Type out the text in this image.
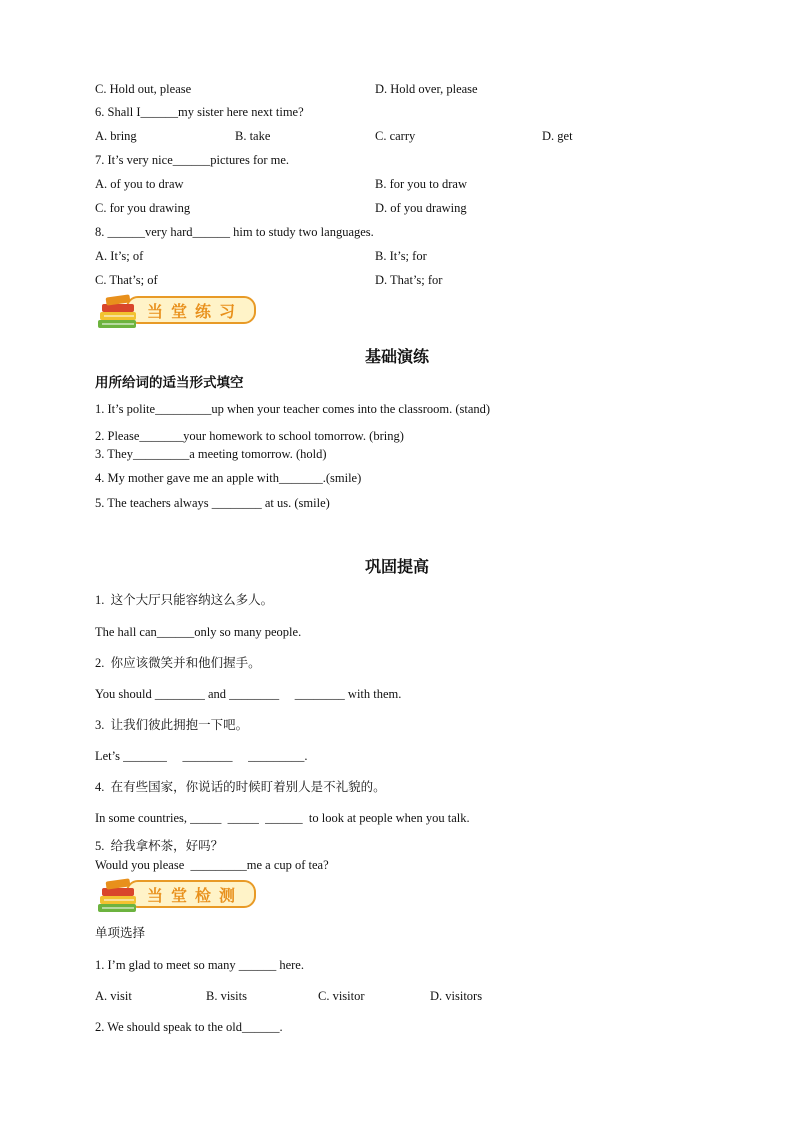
C. Hold out, please	D. Hold over, please
6. Shall I______my sister here next time?
A. bring	B. take	C. carry	D. get
7. It’s very nice______pictures for me.
A. of you to draw	B. for you to draw
C. for you drawing	D. of you drawing
8. ______very hard______ him to study two languages.
A. It’s; of	B. It’s; for
C. That’s; of	D. That’s; for
当堂练习
基础演练
用所给词的适当形式填空
1. It’s polite_________up when your teacher comes into the classroom. (stand)
2. Please_______your homework to school tomorrow. (bring)
3. They_________a meeting tomorrow. (hold)
4. My mother gave me an apple with_______.(smile)
5. The teachers always ________ at us. (smile)
巩固提高
1.  这个大厅只能容纳这么多人。
The hall can______only so many people.
2.  你应该微笑并和他们握手。
You should ________ and ________     ________ with them.
3.  让我们彼此拥抱一下吧。
Let’s _______     ________     _________.
4.  在有些国家，你说话的时候盯着别人是不礼貌的。
In some countries, _____  _____  ______  to look at people when you talk.
5.  给我拿杯茶，好吗？
Would you please  _________me a cup of tea?
当堂检测
单项选择
1. I’m glad to meet so many ______ here.
A. visit	B. visits	C. visitor	D. visitors
2. We should speak to the old______.
